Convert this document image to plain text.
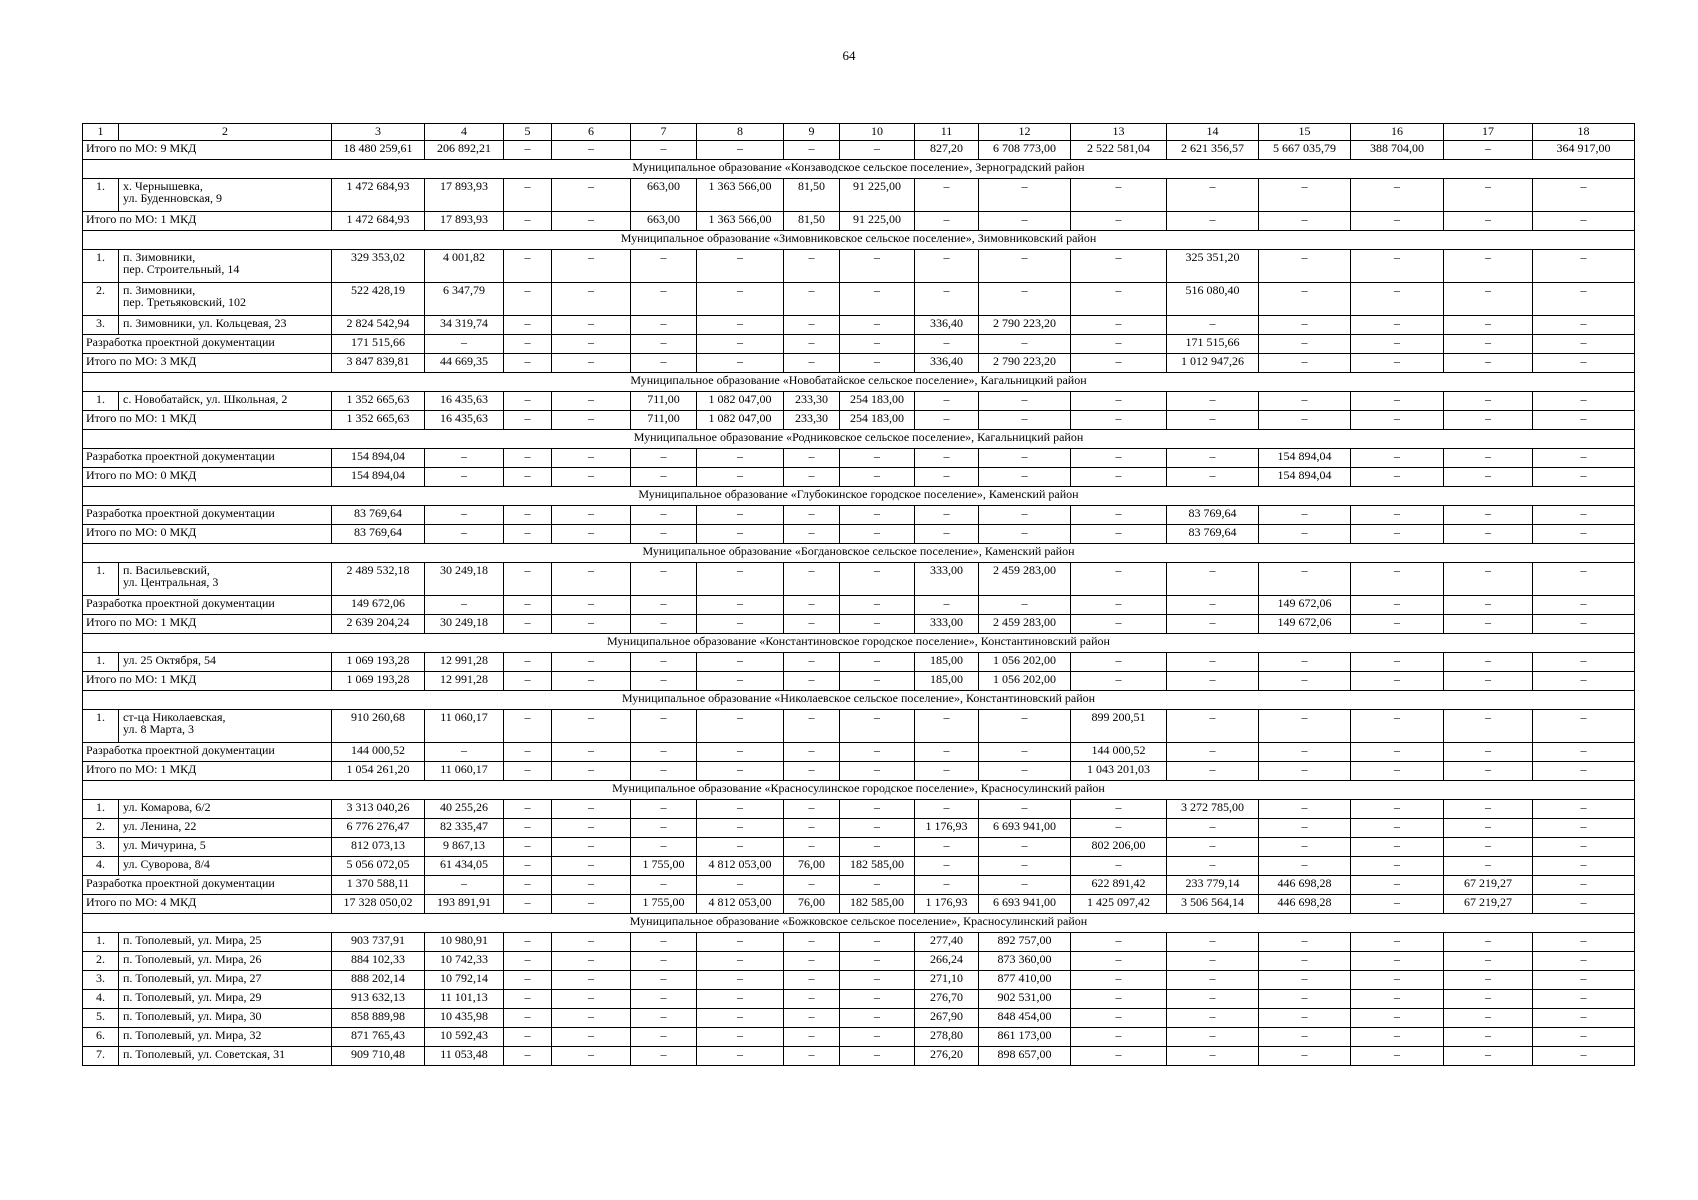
64
1	2	3	4	5	6	7	8	9	10	11	12	13	14	15	16	17	18
Итого по МО: 9 МКД		18 480 259,61	206 892,21	–	–	–	–	–	–	827,20	6 708 773,00	2 522 581,04	2 621 356,57	5 667 035,79	388 704,00	–	364 917,00
Муниципальное образование «Конзаводское сельское поселение», Зерноградский район																	
1.	х. Чернышевка,
ул. Буденновская, 9	1 472 684,93	17 893,93	–	–	663,00	1 363 566,00	81,50	91 225,00	–	–	–	–	–	–	–	–
Итого по МО: 1 МКД		1 472 684,93	17 893,93	–	–	663,00	1 363 566,00	81,50	91 225,00	–	–	–	–	–	–	–	–
Муниципальное образование «Зимовниковское сельское поселение», Зимовниковский район																	
1.	п. Зимовники,
пер. Строительный, 14	329 353,02	4 001,82	–	–	–	–	–	–	–	–	–	325 351,20	–	–	–	–
2.	п. Зимовники,
пер. Третьяковский, 102	522 428,19	6 347,79	–	–	–	–	–	–	–	–	–	516 080,40	–	–	–	–
3.	п. Зимовники, ул. Кольцевая, 23	2 824 542,94	34 319,74	–	–	–	–	–	–	336,40	2 790 223,20	–	–	–	–	–	–
Разработка проектной документации		171 515,66	–	–	–	–	–	–	–	–	–	–	171 515,66	–	–	–	–
Итого по МО: 3 МКД		3 847 839,81	44 669,35	–	–	–	–	–	–	336,40	2 790 223,20	–	1 012 947,26	–	–	–	–
Муниципальное образование «Новобатайское сельское поселение», Кагальницкий район																	
1.	с. Новобатайск, ул. Школьная, 2	1 352 665,63	16 435,63	–	–	711,00	1 082 047,00	233,30	254 183,00	–	–	–	–	–	–	–	–
Итого по МО: 1 МКД		1 352 665,63	16 435,63	–	–	711,00	1 082 047,00	233,30	254 183,00	–	–	–	–	–	–	–	–
Муниципальное образование «Родниковское сельское поселение», Кагальницкий район																	
Разработка проектной документации		154 894,04	–	–	–	–	–	–	–	–	–	–	–	154 894,04	–	–	–
Итого по МО: 0 МКД		154 894,04	–	–	–	–	–	–	–	–	–	–	–	154 894,04	–	–	–
Муниципальное образование «Глубокинское городское поселение», Каменский район																	
Разработка проектной документации		83 769,64	–	–	–	–	–	–	–	–	–	–	83 769,64	–	–	–	–
Итого по МО: 0 МКД		83 769,64	–	–	–	–	–	–	–	–	–	–	83 769,64	–	–	–	–
Муниципальное образование «Богдановское сельское поселение», Каменский район																	
1.	п. Васильевский,
ул. Центральная, 3	2 489 532,18	30 249,18	–	–	–	–	–	–	333,00	2 459 283,00	–	–	–	–	–	–
Разработка проектной документации		149 672,06	–	–	–	–	–	–	–	–	–	–	–	149 672,06	–	–	–
Итого по МО: 1 МКД		2 639 204,24	30 249,18	–	–	–	–	–	–	333,00	2 459 283,00	–	–	149 672,06	–	–	–
Муниципальное образование «Константиновское городское поселение», Константиновский район																	
1.	ул. 25 Октября, 54	1 069 193,28	12 991,28	–	–	–	–	–	–	185,00	1 056 202,00	–	–	–	–	–	–
Итого по МО: 1 МКД		1 069 193,28	12 991,28	–	–	–	–	–	–	185,00	1 056 202,00	–	–	–	–	–	–
Муниципальное образование «Николаевское сельское поселение», Константиновский район																	
1.	ст-ца Николаевская,
ул. 8 Марта, 3	910 260,68	11 060,17	–	–	–	–	–	–	–	–	899 200,51	–	–	–	–	–
Разработка проектной документации		144 000,52	–	–	–	–	–	–	–	–	–	144 000,52	–	–	–	–	–
Итого по МО: 1 МКД		1 054 261,20	11 060,17	–	–	–	–	–	–	–	–	1 043 201,03	–	–	–	–	–
Муниципальное образование «Красносулинское городское поселение», Красносулинский район																	
1.	ул. Комарова, 6/2	3 313 040,26	40 255,26	–	–	–	–	–	–	–	–	–	3 272 785,00	–	–	–	–
2.	ул. Ленина, 22	6 776 276,47	82 335,47	–	–	–	–	–	–	1 176,93	6 693 941,00	–	–	–	–	–	–
3.	ул. Мичурина, 5	812 073,13	9 867,13	–	–	–	–	–	–	–	–	802 206,00	–	–	–	–	–
4.	ул. Суворова, 8/4	5 056 072,05	61 434,05	–	–	1 755,00	4 812 053,00	76,00	182 585,00	–	–	–	–	–	–	–	–
Разработка проектной документации		1 370 588,11	–	–	–	–	–	–	–	–	–	622 891,42	233 779,14	446 698,28	–	67 219,27	–
Итого по МО: 4 МКД		17 328 050,02	193 891,91	–	–	1 755,00	4 812 053,00	76,00	182 585,00	1 176,93	6 693 941,00	1 425 097,42	3 506 564,14	446 698,28	–	67 219,27	–
Муниципальное образование «Божковское сельское поселение», Красносулинский район																	
1.	п. Тополевый, ул. Мира, 25	903 737,91	10 980,91	–	–	–	–	–	–	277,40	892 757,00	–	–	–	–	–	–
2.	п. Тополевый, ул. Мира, 26	884 102,33	10 742,33	–	–	–	–	–	–	266,24	873 360,00	–	–	–	–	–	–
3.	п. Тополевый, ул. Мира, 27	888 202,14	10 792,14	–	–	–	–	–	–	271,10	877 410,00	–	–	–	–	–	–
4.	п. Тополевый, ул. Мира, 29	913 632,13	11 101,13	–	–	–	–	–	–	276,70	902 531,00	–	–	–	–	–	–
5.	п. Тополевый, ул. Мира, 30	858 889,98	10 435,98	–	–	–	–	–	–	267,90	848 454,00	–	–	–	–	–	–
6.	п. Тополевый, ул. Мира, 32	871 765,43	10 592,43	–	–	–	–	–	–	278,80	861 173,00	–	–	–	–	–	–
7.	п. Тополевый, ул. Советская, 31	909 710,48	11 053,48	–	–	–	–	–	–	276,20	898 657,00	–	–	–	–	–	–
